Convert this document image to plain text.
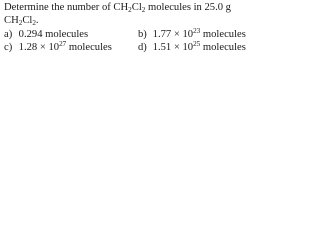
Determine the number of $CH_2Cl_2$ molecules in 25.0 g
$CH_2Cl_2$.
a) 0.294 molecules	b) $1.77 \times 10^{23}$ molecules
c) $1.28 \times 10^{27}$ molecules	d) $1.51 \times 10^{25}$ molecules
